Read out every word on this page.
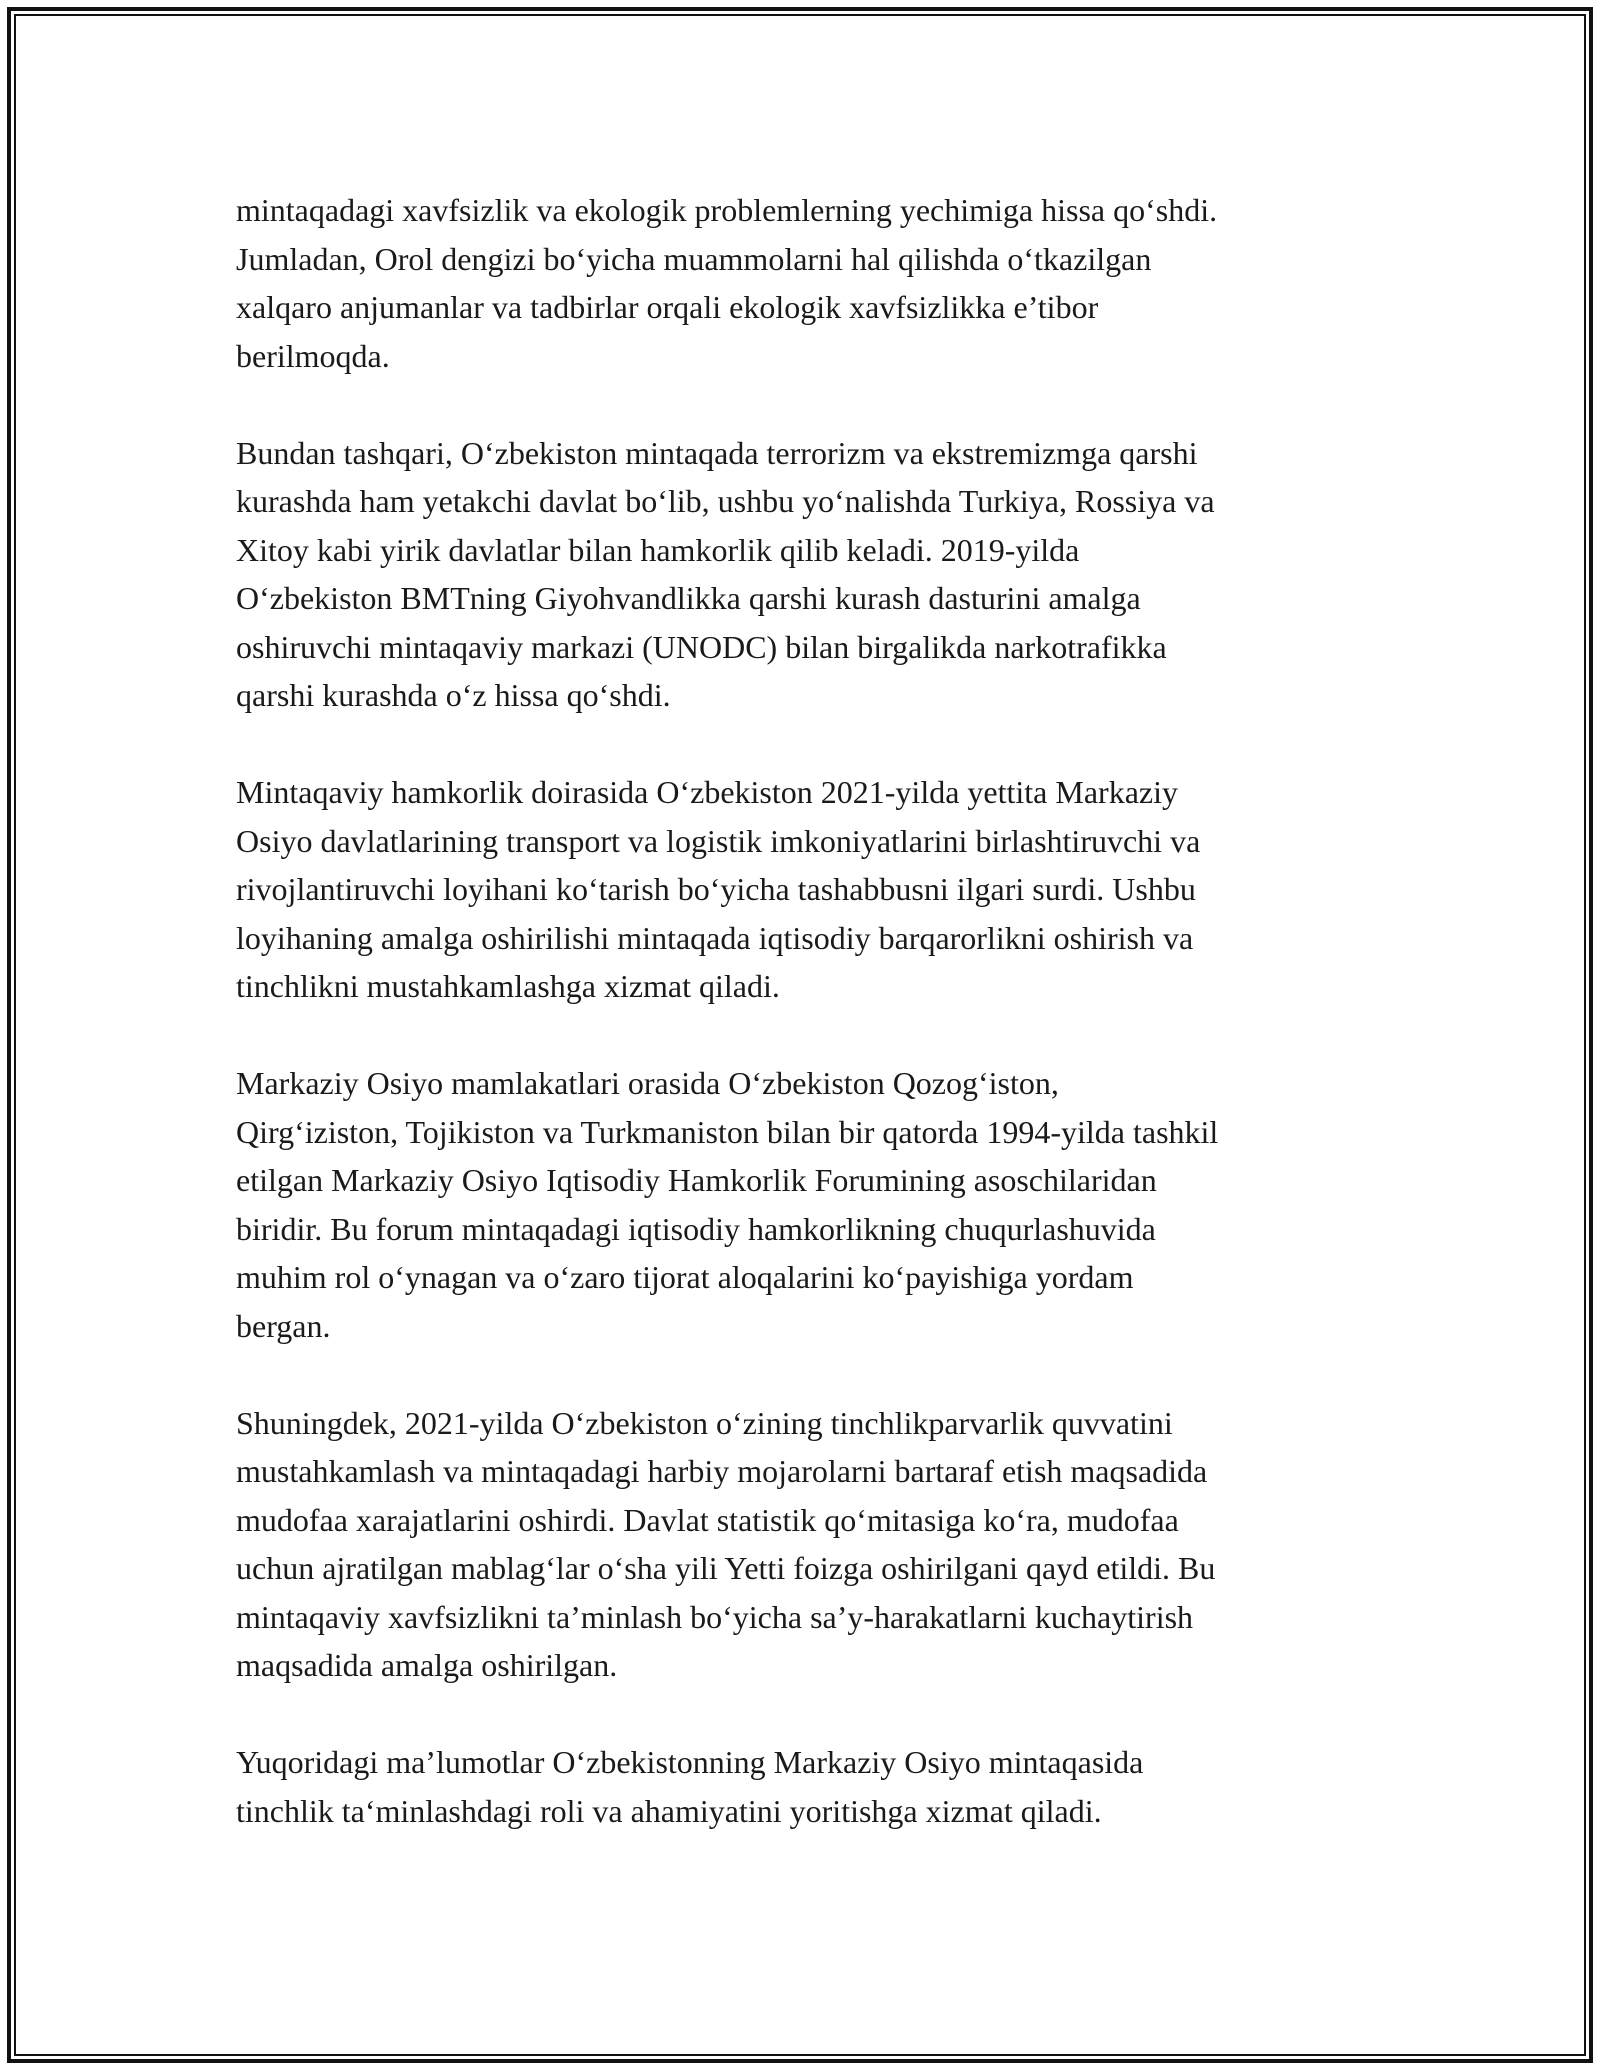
mintaqadagi xavfsizlik va ekologik problemlerning yechimiga hissa qo‘shdi.
Jumladan, Orol dengizi bo‘yicha muammolarni hal qilishda o‘tkazilgan
xalqaro anjumanlar va tadbirlar orqali ekologik xavfsizlikka e’tibor
berilmoqda.

Bundan tashqari, O‘zbekiston mintaqada terrorizm va ekstremizmga qarshi
kurashda ham yetakchi davlat bo‘lib, ushbu yo‘nalishda Turkiya, Rossiya va
Xitoy kabi yirik davlatlar bilan hamkorlik qilib keladi. 2019-yilda
O‘zbekiston BMTning Giyohvandlikka qarshi kurash dasturini amalga
oshiruvchi mintaqaviy markazi (UNODC) bilan birgalikda narkotrafikka
qarshi kurashda o‘z hissa qo‘shdi.

Mintaqaviy hamkorlik doirasida O‘zbekiston 2021-yilda yettita Markaziy
Osiyo davlatlarining transport va logistik imkoniyatlarini birlashtiruvchi va
rivojlantiruvchi loyihani ko‘tarish bo‘yicha tashabbusni ilgari surdi. Ushbu
loyihaning amalga oshirilishi mintaqada iqtisodiy barqarorlikni oshirish va
tinchlikni mustahkamlashga xizmat qiladi.

Markaziy Osiyo mamlakatlari orasida O‘zbekiston Qozog‘iston,
Qirg‘iziston, Tojikiston va Turkmaniston bilan bir qatorda 1994-yilda tashkil
etilgan Markaziy Osiyo Iqtisodiy Hamkorlik Forumining asoschilaridan
biridir. Bu forum mintaqadagi iqtisodiy hamkorlikning chuqurlashuvida
muhim rol o‘ynagan va o‘zaro tijorat aloqalarini ko‘payishiga yordam
bergan.

Shuningdek, 2021-yilda O‘zbekiston o‘zining tinchlikparvarlik quvvatini
mustahkamlash va mintaqadagi harbiy mojarolarni bartaraf etish maqsadida
mudofaa xarajatlarini oshirdi. Davlat statistik qo‘mitasiga ko‘ra, mudofaa
uchun ajratilgan mablag‘lar o‘sha yili Yetti foizga oshirilgani qayd etildi. Bu
mintaqaviy xavfsizlikni ta’minlash bo‘yicha sa’y-harakatlarni kuchaytirish
maqsadida amalga oshirilgan.

Yuqoridagi ma’lumotlar O‘zbekistonning Markaziy Osiyo mintaqasida
tinchlik ta‘minlashdagi roli va ahamiyatini yoritishga xizmat qiladi.
